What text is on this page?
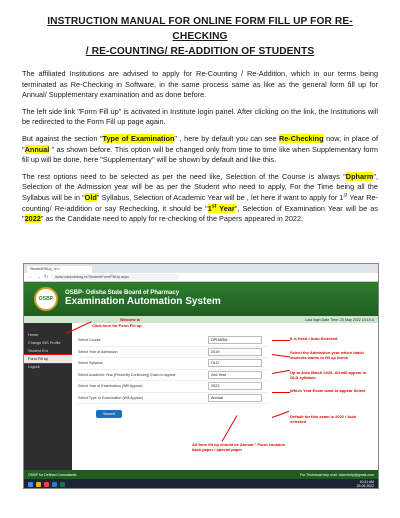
INSTRUCTION MANUAL FOR ONLINE FORM FILL UP FOR RE-CHECKING
/ RE-COUNTING/ RE-ADDITION OF STUDENTS

The affiliated Institutions are advised to apply for Re-Counting / Re-Addition, which in our terms being terminated as Re-Checking in Software, in the same process same as like as the general form fill up for Annual/ Supplementary examination and as done before.

The left side link "Form Fill up" is activated in Institute login panel. After clicking on the link, the Institutions will be redirected to the Form Fill up page again.

But against the section "Type of Examination" , here by default you can see Re-Checking now, in place of "Annual " as shown before. This option will be changed only from time to time like when Supplementary form fill up will be done, here "Supplementary" will be shown by default and like this.

The rest options need to be selected as per the need like, Selection of the Course is always "Dpharm", Selection of the Admission year will be as per the Student who need to apply, For the Time being all the Syllabus will be in "Old" Syllabus, Selection of Academic Year will be , let here if want to apply for 1st Year Re-counting/ Re-addition or say Rechecking, it should be "1st Year", Selection of Examination Year will be as "2022" as the Candidate need to apply for re-checking of the Papers appeared in 2022.

StudentFillUp_m ×
← → ↻	www.osbpdotorg.in/StudentFormFillUp.aspx
OSBP
OSBP- Odisha State Board of Pharmacy
Examination Automation System
Welcome to	Last login Date Time: 25 May 2022 10:19 A
Home
Change INS Profile
Student Enr
Form Fill up
Logout
Select Course	DPHARM
Select Year of Admission	2019
Select Syllabus	OLD
Select Academic Year (Presently Continuing) Exam to appear	2nd Year
Select Year of Examination (Will Appear)	2022
Select Type of Examination (Will Appear)	Annual
Search
Click here for Form Fill up
It is fixed / Auto Selected
Select the Admission year which batch students wants to fill up forms
Up to Adm Batch 2020- All will appear in OLD syllabus
Which Year Exam want to appear Select
Default for this exam is 2022 / Auto selected
All form fill up should be Annual " Form contains back paper / special paper
OSBP for Defined Consultants	For Technical help mail: disechelp@gmail.com
10:41 AM
25-05-2022
